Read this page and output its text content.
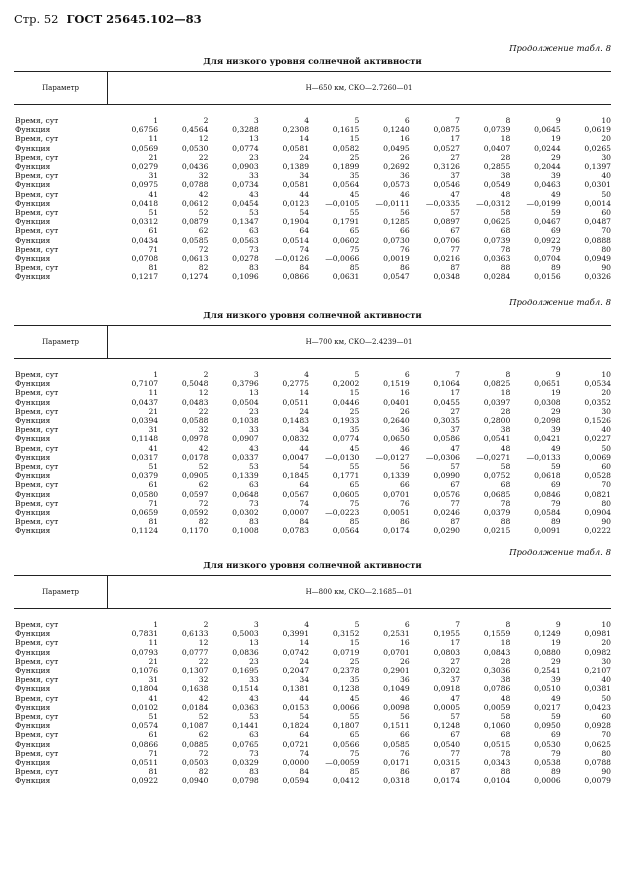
Стр. 52 ГОСТ 25645.102—83
Продолжение табл. 8
Для низкого уровня солнечной активности
Параметр	H—650 км, СКО—2.7260—01
Время, сут	1	2	3	4	5	6	7	8	9	10
Функция	0,6756	0,4564	0,3288	0,2308	0,1615	0,1240	0,0875	0,0739	0,0645	0,0619
Время, сут	11	12	13	14	15	16	17	18	19	20
Функция	0,0569	0,0530	0,0774	0,0581	0,0582	0,0495	0,0527	0,0407	0,0244	0,0265
Время, сут	21	22	23	24	25	26	27	28	29	30
Функция	0,0279	0,0436	0,0903	0,1389	0,1899	0,2692	0,3126	0,2855	0,2044	0,1397
Время, сут	31	32	33	34	35	36	37	38	39	40
Функция	0,0975	0,0788	0,0734	0,0581	0,0564	0,0573	0,0546	0,0549	0,0463	0,0301
Время, сут	41	42	43	44	45	46	47	48	49	50
Функция	0,0418	0,0612	0,0454	0,0123	—0,0105	—0,0111	—0,0335	—0,0312	—0,0199	0,0014
Время, сут	51	52	53	54	55	56	57	58	59	60
Функция	0,0312	0,0879	0,1347	0,1904	0,1791	0,1285	0,0897	0,0625	0,0467	0,0487
Время, сут	61	62	63	64	65	66	67	68	69	70
Функция	0,0434	0,0585	0,0563	0,0514	0,0602	0,0730	0,0706	0,0739	0,0922	0,0888
Время, сут	71	72	73	74	75	76	77	78	79	80
Функция	0,0708	0,0613	0,0278	—0,0126	—0,0066	0,0019	0,0216	0,0363	0,0704	0,0949
Время, сут	81	82	83	84	85	86	87	88	89	90
Функция	0,1217	0,1274	0,1096	0,0866	0,0631	0,0547	0,0348	0,0284	0,0156	0,0326
Продолжение табл. 8
Для низкого уровня солнечной активности
Параметр	H—700 км, СКО—2.4239—01
Время, сут	1	2	3	4	5	6	7	8	9	10
Функция	0,7107	0,5048	0,3796	0,2775	0,2002	0,1519	0,1064	0,0825	0,0651	0,0534
Время, сут	11	12	13	14	15	16	17	18	19	20
Функция	0,0437	0,0483	0,0504	0,0511	0,0446	0,0401	0,0455	0,0397	0,0308	0,0352
Время, сут	21	22	23	24	25	26	27	28	29	30
Функция	0,0394	0,0588	0,1038	0,1483	0,1933	0,2640	0,3035	0,2800	0,2098	0,1526
Время, сут	31	32	33	34	35	36	37	38	39	40
Функция	0,1148	0,0978	0,0907	0,0832	0,0774	0,0650	0,0586	0,0541	0,0421	0,0227
Время, сут	41	42	43	44	45	46	47	48	49	50
Функция	0,0317	0,0178	0,0337	0,0047	—0,0130	—0,0127	—0,0306	—0,0271	—0,0133	0,0069
Время, сут	51	52	53	54	55	56	57	58	59	60
Функция	0,0379	0,0905	0,1339	0,1845	0,1771	0,1339	0,0990	0,0752	0,0618	0,0528
Время, сут	61	62	63	64	65	66	67	68	69	70
Функция	0,0580	0,0597	0,0648	0,0567	0,0605	0,0701	0,0576	0,0685	0,0846	0,0821
Время, сут	71	72	73	74	75	76	77	78	79	80
Функция	0,0659	0,0592	0,0302	0,0007	—0,0223	0,0051	0,0246	0,0379	0,0584	0,0904
Время, сут	81	82	83	84	85	86	87	88	89	90
Функция	0,1124	0,1170	0,1008	0,0783	0,0564	0,0174	0,0290	0,0215	0,0091	0,0222
Продолжение табл. 8
Для низкого уровня солнечной активности
Параметр	H—800 км, СКО—2.1685—01
Время, сут	1	2	3	4	5	6	7	8	9	10
Функция	0,7831	0,6133	0,5003	0,3991	0,3152	0,2531	0,1955	0,1559	0,1249	0,0981
Время, сут	11	12	13	14	15	16	17	18	19	20
Функция	0,0793	0,0777	0,0836	0,0742	0,0719	0,0701	0,0803	0,0843	0,0880	0,0982
Время, сут	21	22	23	24	25	26	27	28	29	30
Функция	0,1076	0,1307	0,1695	0,2047	0,2378	0,2901	0,3202	0,3036	0,2541	0,2107
Время, сут	31	32	33	34	35	36	37	38	39	40
Функция	0,1804	0,1638	0,1514	0,1381	0,1238	0,1049	0,0918	0,0786	0,0510	0,0381
Время, сут	41	42	43	44	45	46	47	48	49	50
Функция	0,0102	0,0184	0,0363	0,0153	0,0066	0,0098	0,0005	0,0059	0,0217	0,0423
Время, сут	51	52	53	54	55	56	57	58	59	60
Функция	0,0574	0,1087	0,1441	0,1824	0,1807	0,1511	0,1248	0,1060	0,0950	0,0928
Время, сут	61	62	63	64	65	66	67	68	69	70
Функция	0,0866	0,0885	0,0765	0,0721	0,0566	0,0585	0,0540	0,0515	0,0530	0,0625
Время, сут	71	72	73	74	75	76	77	78	79	80
Функция	0,0511	0,0503	0,0329	0,0000	—0,0059	0,0171	0,0315	0,0343	0,0538	0,0788
Время, сут	81	82	83	84	85	86	87	88	89	90
Функция	0,0922	0,0940	0,0798	0,0594	0,0412	0,0318	0,0174	0,0104	0,0006	0,0079
